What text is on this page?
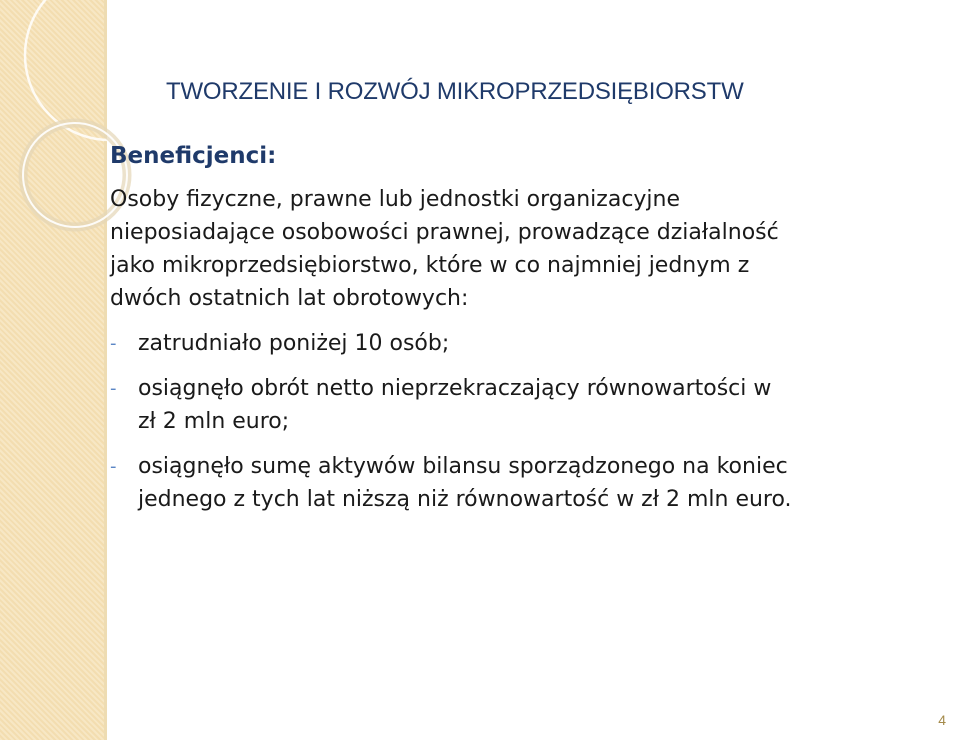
TWORZENIE I ROZWÓJ MIKROPRZEDSIĘBIORSTW

Beneficjenci:

Osoby fizyczne, prawne lub jednostki organizacyjne
nieposiadające osobowości prawnej, prowadzące działalność
jako mikroprzedsiębiorstwo, które w co najmniej jednym z
dwóch ostatnich lat obrotowych:

- zatrudniało poniżej 10 osób;
- osiągnęło obrót netto nieprzekraczający równowartości w
zł 2 mln euro;
- osiągnęło sumę aktywów bilansu sporządzonego na koniec
jednego z tych lat niższą niż równowartość w zł 2 mln euro.
4
